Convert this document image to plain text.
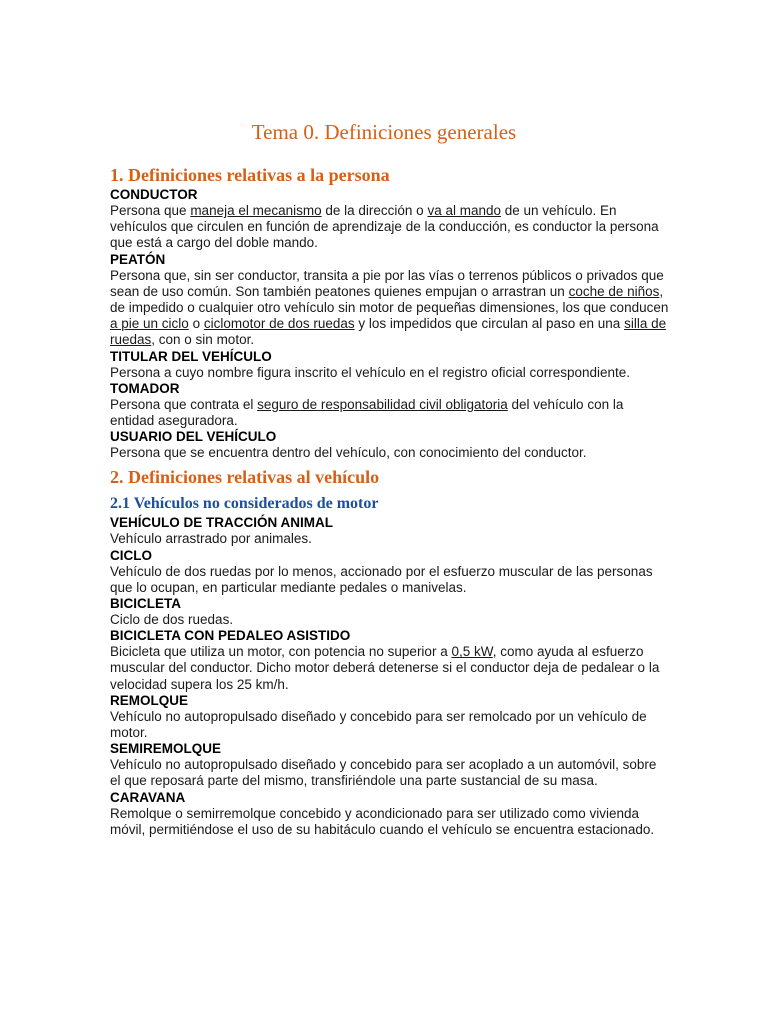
Tema 0. Definiciones generales
1. Definiciones relativas a la persona
CONDUCTOR

Persona que maneja el mecanismo de la dirección o va al mando de un vehículo. En vehículos que circulen en función de aprendizaje de la conducción, es conductor la persona que está a cargo del doble mando.

PEATÓN

Persona que, sin ser conductor, transita a pie por las vías o terrenos públicos o privados que sean de uso común. Son también peatones quienes empujan o arrastran un coche de niños, de impedido o cualquier otro vehículo sin motor de pequeñas dimensiones, los que conducen a pie un ciclo o ciclomotor de dos ruedas y los impedidos que circulan al paso en una silla de ruedas, con o sin motor.

TITULAR DEL VEHÍCULO

Persona a cuyo nombre figura inscrito el vehículo en el registro oficial correspondiente.

TOMADOR

Persona que contrata el seguro de responsabilidad civil obligatoria del vehículo con la entidad aseguradora.

USUARIO DEL VEHÍCULO

Persona que se encuentra dentro del vehículo, con conocimiento del conductor.

2. Definiciones relativas al vehículo
2.1 Vehículos no considerados de motor
VEHÍCULO DE TRACCIÓN ANIMAL

Vehículo arrastrado por animales.

CICLO

Vehículo de dos ruedas por lo menos, accionado por el esfuerzo muscular de las personas que lo ocupan, en particular mediante pedales o manivelas.

BICICLETA

Ciclo de dos ruedas.

BICICLETA CON PEDALEO ASISTIDO

Bicicleta que utiliza un motor, con potencia no superior a 0,5 kW, como ayuda al esfuerzo muscular del conductor. Dicho motor deberá detenerse si el conductor deja de pedalear o la velocidad supera los 25 km/h.

REMOLQUE

Vehículo no autopropulsado diseñado y concebido para ser remolcado por un vehículo de motor.

SEMIREMOLQUE

Vehículo no autopropulsado diseñado y concebido para ser acoplado a un automóvil, sobre el que reposará parte del mismo, transfiriéndole una parte sustancial de su masa.

CARAVANA

Remolque o semirremolque concebido y acondicionado para ser utilizado como vivienda móvil, permitiéndose el uso de su habitáculo cuando el vehículo se encuentra estacionado.
